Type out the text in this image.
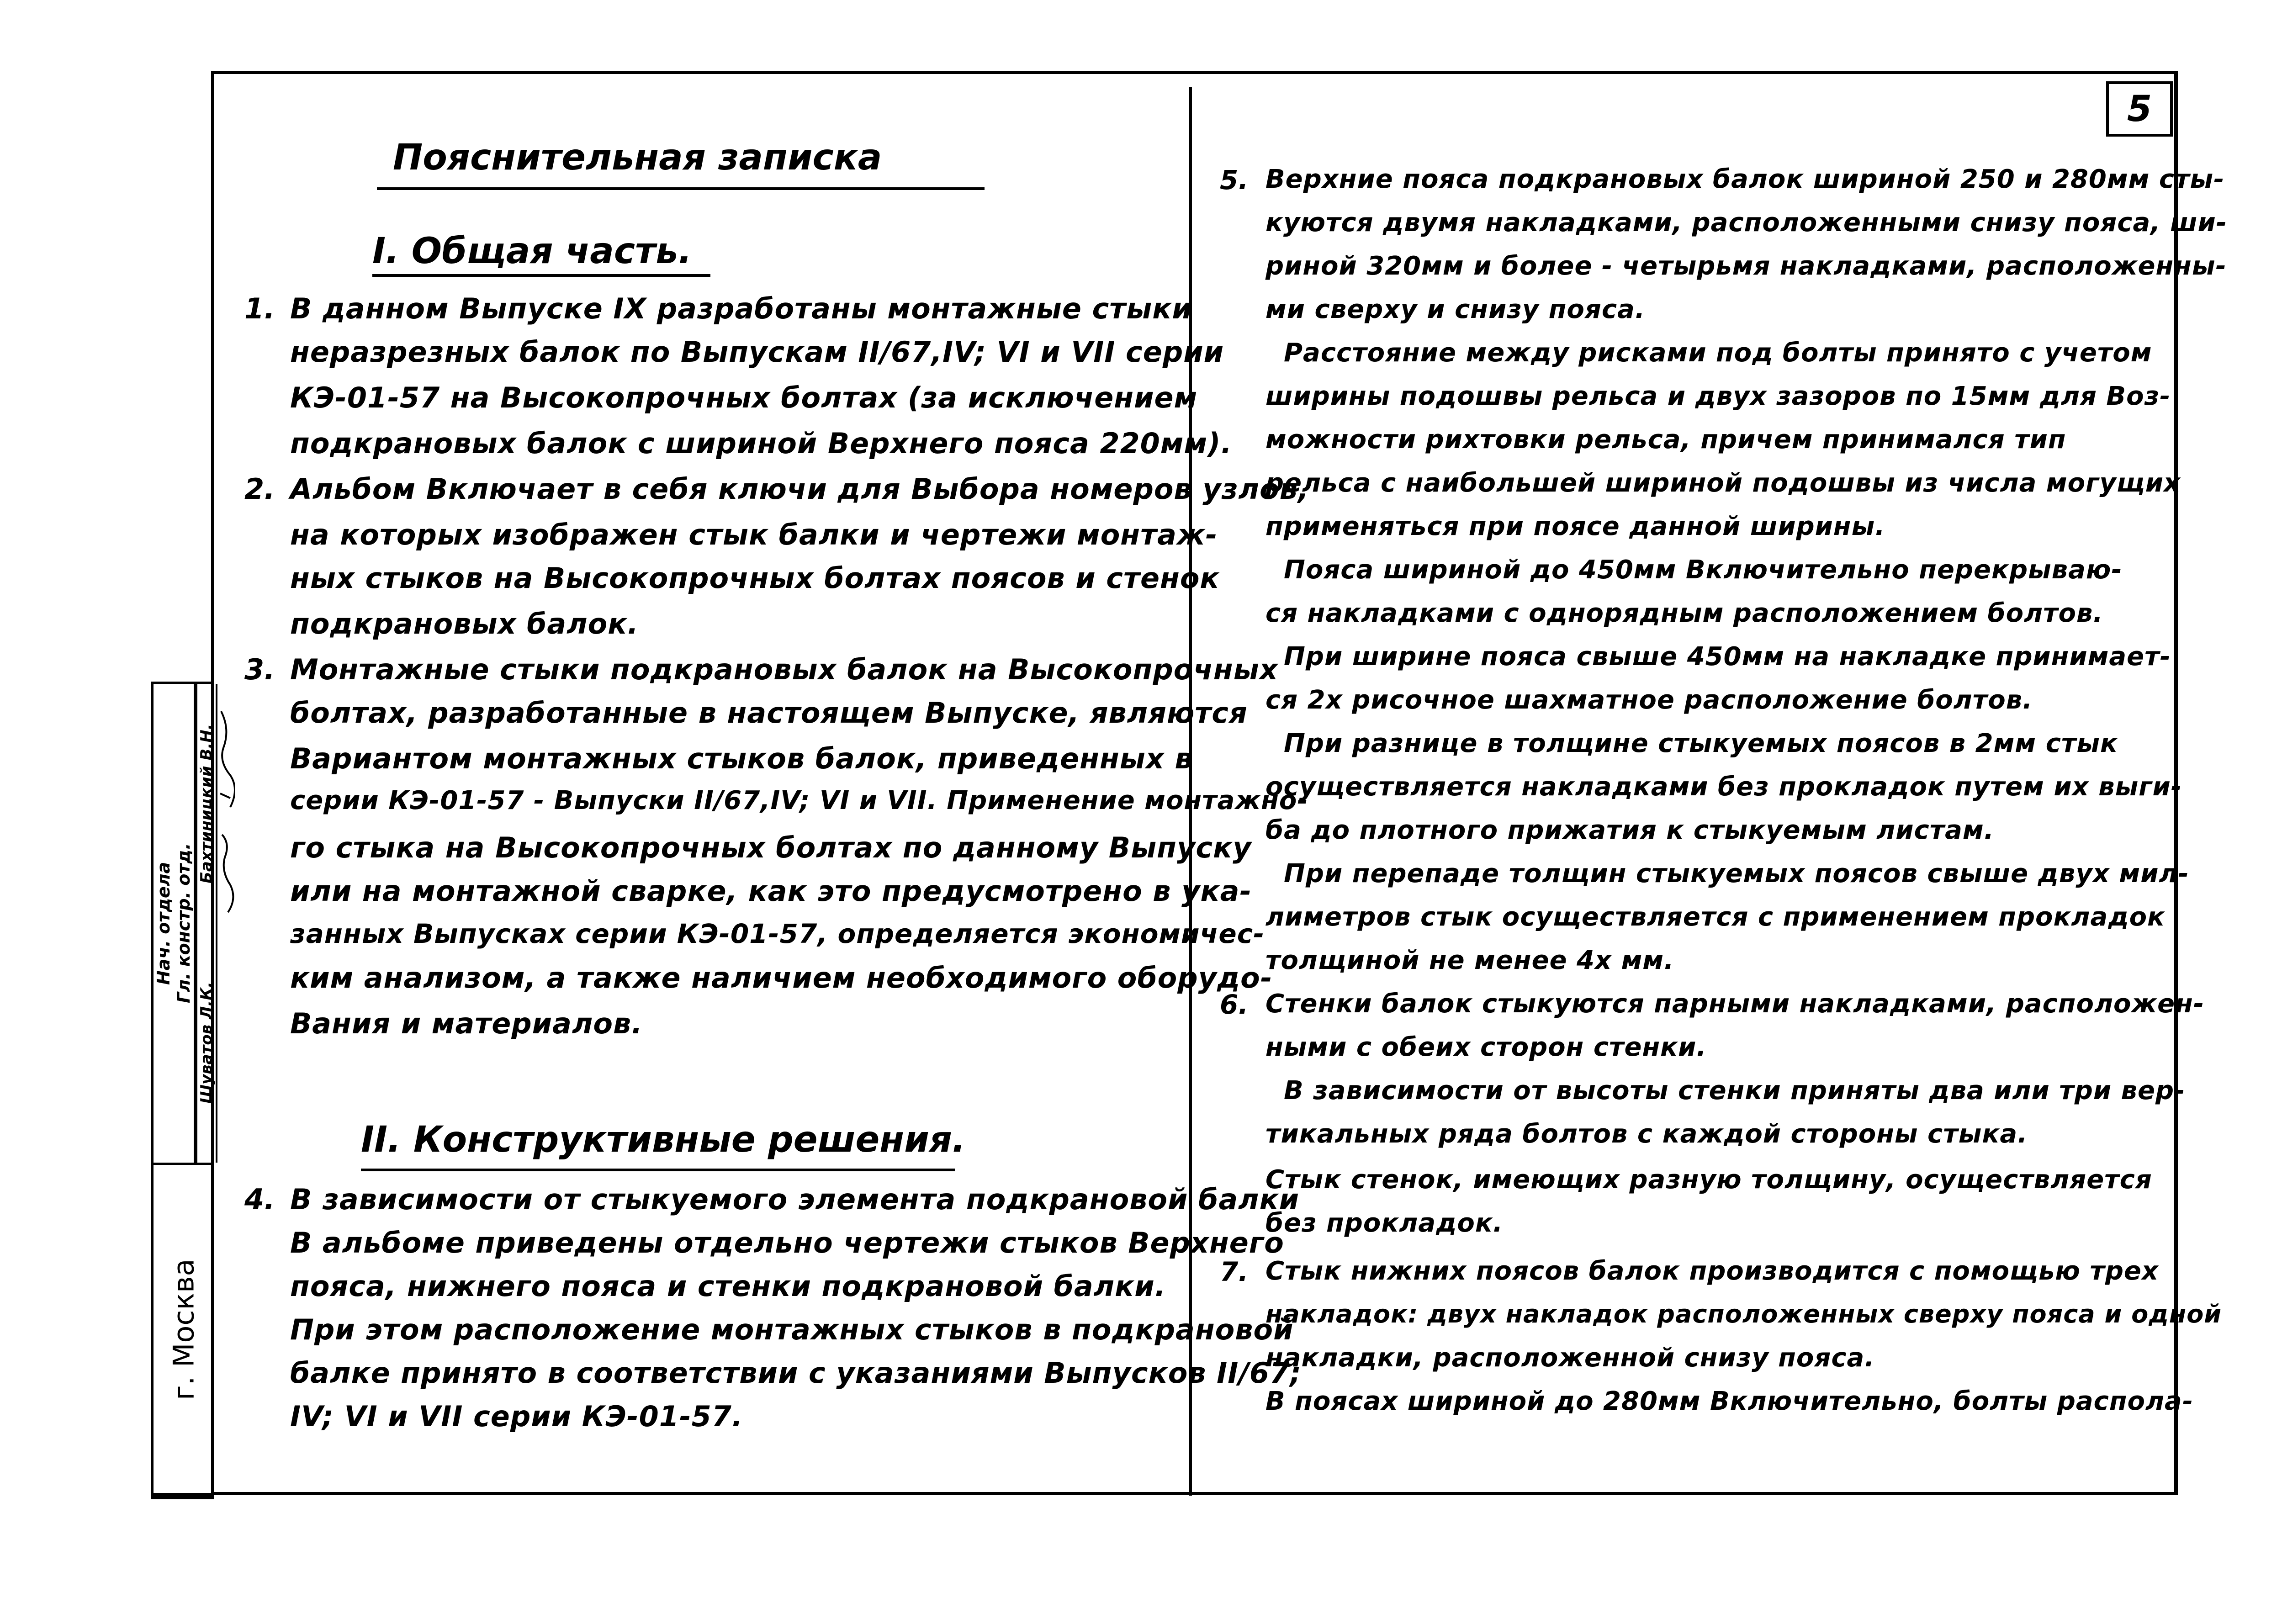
Нач. отдела Гл. констр. отд.
Бахтиницкий В.Н.
Шуватов Л.К.
г. Москва
5
Пояснительная записка
I. Общая часть.
II. Конструктивные решения.
1. В данном Выпуске IX разработаны монтажные стыки
неразрезных балок по Выпускам II/67,IV; VI и VII серии
КЭ-01-57 на Высокопрочных болтах (за исключением
подкрановых балок с шириной Верхнего пояса 220мм).
2. Альбом Включает в себя ключи для Выбора номеров узлов,
на которых изображен стык балки и чертежи монтаж-
ных стыков на Высокопрочных болтах поясов и стенок
подкрановых балок.
3. Монтажные стыки подкрановых балок на Высокопрочных
болтах, разработанные в настоящем Выпуске, являются
Вариантом монтажных стыков балок, приведенных в
серии КЭ-01-57 - Выпуски II/67,IV; VI и VII. Применение монтажно-
го стыка на Высокопрочных болтах по данному Выпуску
или на монтажной сварке, как это предусмотрено в ука-
занных Выпусках серии КЭ-01-57, определяется экономичес-
ким анализом, а также наличием необходимого оборудо-
Вания и материалов.
4. В зависимости от стыкуемого элемента подкрановой балки
В альбоме приведены отдельно чертежи стыков Верхнего
пояса, нижнего пояса и стенки подкрановой балки.
При этом расположение монтажных стыков в подкрановой
балке принято в соответствии с указаниями Выпусков II/67;
IV; VI и VII серии КЭ-01-57.
5. Верхние пояса подкрановых балок шириной 250 и 280мм сты-
куются двумя накладками, расположенными снизу пояса, ши-
риной 320мм и более - четырьмя накладками, расположенны-
ми сверху и снизу пояса.
Расстояние между рисками под болты принято с учетом
ширины подошвы рельса и двух зазоров по 15мм для Воз-
можности рихтовки рельса, причем принимался тип
рельса с наибольшей шириной подошвы из числа могущих
применяться при поясе данной ширины.
Пояса шириной до 450мм Включительно перекрываю-
ся накладками с однорядным расположением болтов.
При ширине пояса свыше 450мм на накладке принимает-
ся 2х рисочное шахматное расположение болтов.
При разнице в толщине стыкуемых поясов в 2мм стык
осуществляется накладками без прокладок путем их выги-
ба до плотного прижатия к стыкуемым листам.
При перепаде толщин стыкуемых поясов свыше двух мил-
лиметров стык осуществляется с применением прокладок
толщиной не менее 4х мм.
6. Стенки балок стыкуются парными накладками, расположен-
ными с обеих сторон стенки.
В зависимости от высоты стенки приняты два или три вер-
тикальных ряда болтов с каждой стороны стыка.
Стык стенок, имеющих разную толщину, осуществляется
без прокладок.
7. Стык нижних поясов балок производится с помощью трех
накладок: двух накладок расположенных сверху пояса и одной
накладки, расположенной снизу пояса.
В поясах шириной до 280мм Включительно, болты распола-
